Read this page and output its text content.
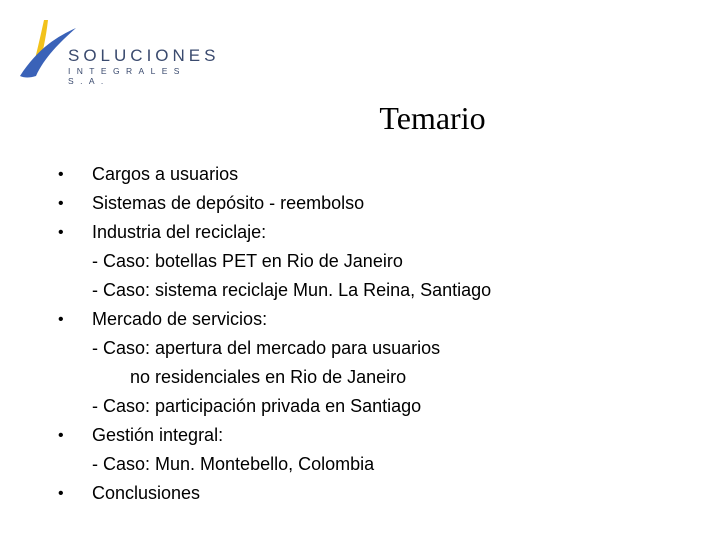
SOLUCIONES
INTEGRALES S.A.
Temario
•	Cargos a usuarios
•	Sistemas de depósito - reembolso
•	Industria del reciclaje:
- Caso: botellas PET en Rio de Janeiro
- Caso: sistema reciclaje Mun. La Reina, Santiago
•	Mercado de servicios:
- Caso: apertura del mercado para usuarios
no residenciales en Rio de Janeiro
- Caso: participación privada en Santiago
•	Gestión integral:
- Caso: Mun. Montebello, Colombia
•	Conclusiones
